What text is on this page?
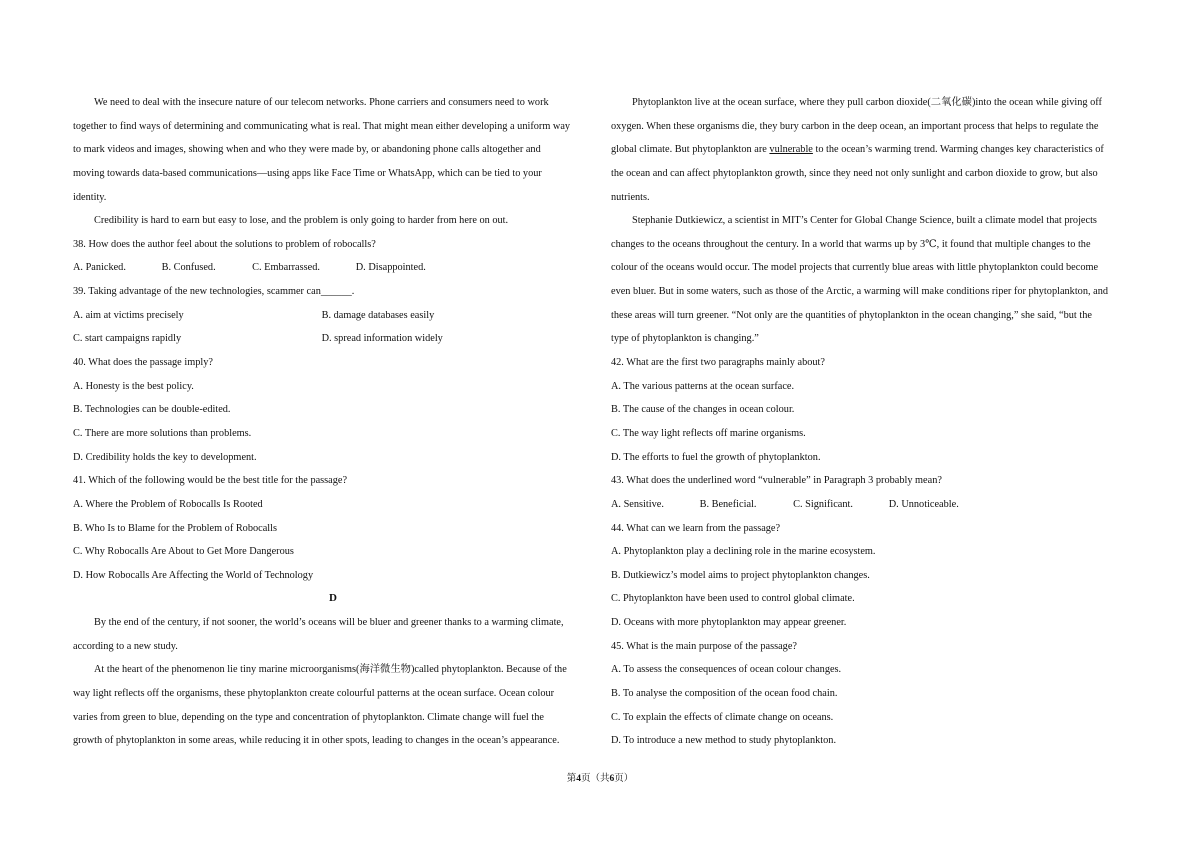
We need to deal with the insecure nature of our telecom networks. Phone carriers and consumers need to work
together to find ways of determining and communicating what is real. That might mean either developing a uniform way
to mark videos and images, showing when and who they were made by, or abandoning phone calls altogether and
moving towards data-based communications—using apps like Face Time or WhatsApp, which can be tied to your
identity.
Credibility is hard to earn but easy to lose, and the problem is only going to harder from here on out.
38. How does the author feel about the solutions to problem of robocalls?
A. Panicked.	B. Confused.	C. Embarrassed.	D. Disappointed.
39. Taking advantage of the new technologies, scammer can______.
A. aim at victims precisely	B. damage databases easily
C. start campaigns rapidly	D. spread information widely
40. What does the passage imply?
A. Honesty is the best policy.
B. Technologies can be double-edited.
C. There are more solutions than problems.
D. Credibility holds the key to development.
41. Which of the following would be the best title for the passage?
A. Where the Problem of Robocalls Is Rooted
B. Who Is to Blame for the Problem of Robocalls
C. Why Robocalls Are About to Get More Dangerous
D. How Robocalls Are Affecting the World of Technology
D
By the end of the century, if not sooner, the world’s oceans will be bluer and greener thanks to a warming climate,
according to a new study.
At the heart of the phenomenon lie tiny marine microorganisms(海洋微生物)called phytoplankton. Because of the
way light reflects off the organisms, these phytoplankton create colourful patterns at the ocean surface. Ocean colour
varies from green to blue, depending on the type and concentration of phytoplankton. Climate change will fuel the
growth of phytoplankton in some areas, while reducing it in other spots, leading to changes in the ocean’s appearance.
Phytoplankton live at the ocean surface, where they pull carbon dioxide(二氧化碳)into the ocean while giving off
oxygen. When these organisms die, they bury carbon in the deep ocean, an important process that helps to regulate the
global climate. But phytoplankton are vulnerable to the ocean’s warming trend. Warming changes key characteristics of
the ocean and can affect phytoplankton growth, since they need not only sunlight and carbon dioxide to grow, but also
nutrients.
Stephanie Dutkiewicz, a scientist in MIT’s Center for Global Change Science, built a climate model that projects
changes to the oceans throughout the century. In a world that warms up by 3℃, it found that multiple changes to the
colour of the oceans would occur. The model projects that currently blue areas with little phytoplankton could become
even bluer. But in some waters, such as those of the Arctic, a warming will make conditions riper for phytoplankton, and
these areas will turn greener. “Not only are the quantities of phytoplankton in the ocean changing,” she said, “but the
type of phytoplankton is changing.”
42. What are the first two paragraphs mainly about?
A. The various patterns at the ocean surface.
B. The cause of the changes in ocean colour.
C. The way light reflects off marine organisms.
D. The efforts to fuel the growth of phytoplankton.
43. What does the underlined word “vulnerable” in Paragraph 3 probably mean?
A. Sensitive.	B. Beneficial.	C. Significant.	D. Unnoticeable.
44. What can we learn from the passage?
A. Phytoplankton play a declining role in the marine ecosystem.
B. Dutkiewicz’s model aims to project phytoplankton changes.
C. Phytoplankton have been used to control global climate.
D. Oceans with more phytoplankton may appear greener.
45. What is the main purpose of the passage?
A. To assess the consequences of ocean colour changes.
B. To analyse the composition of the ocean food chain.
C. To explain the effects of climate change on oceans.
D. To introduce a new method to study phytoplankton.
第4页（共6页）
